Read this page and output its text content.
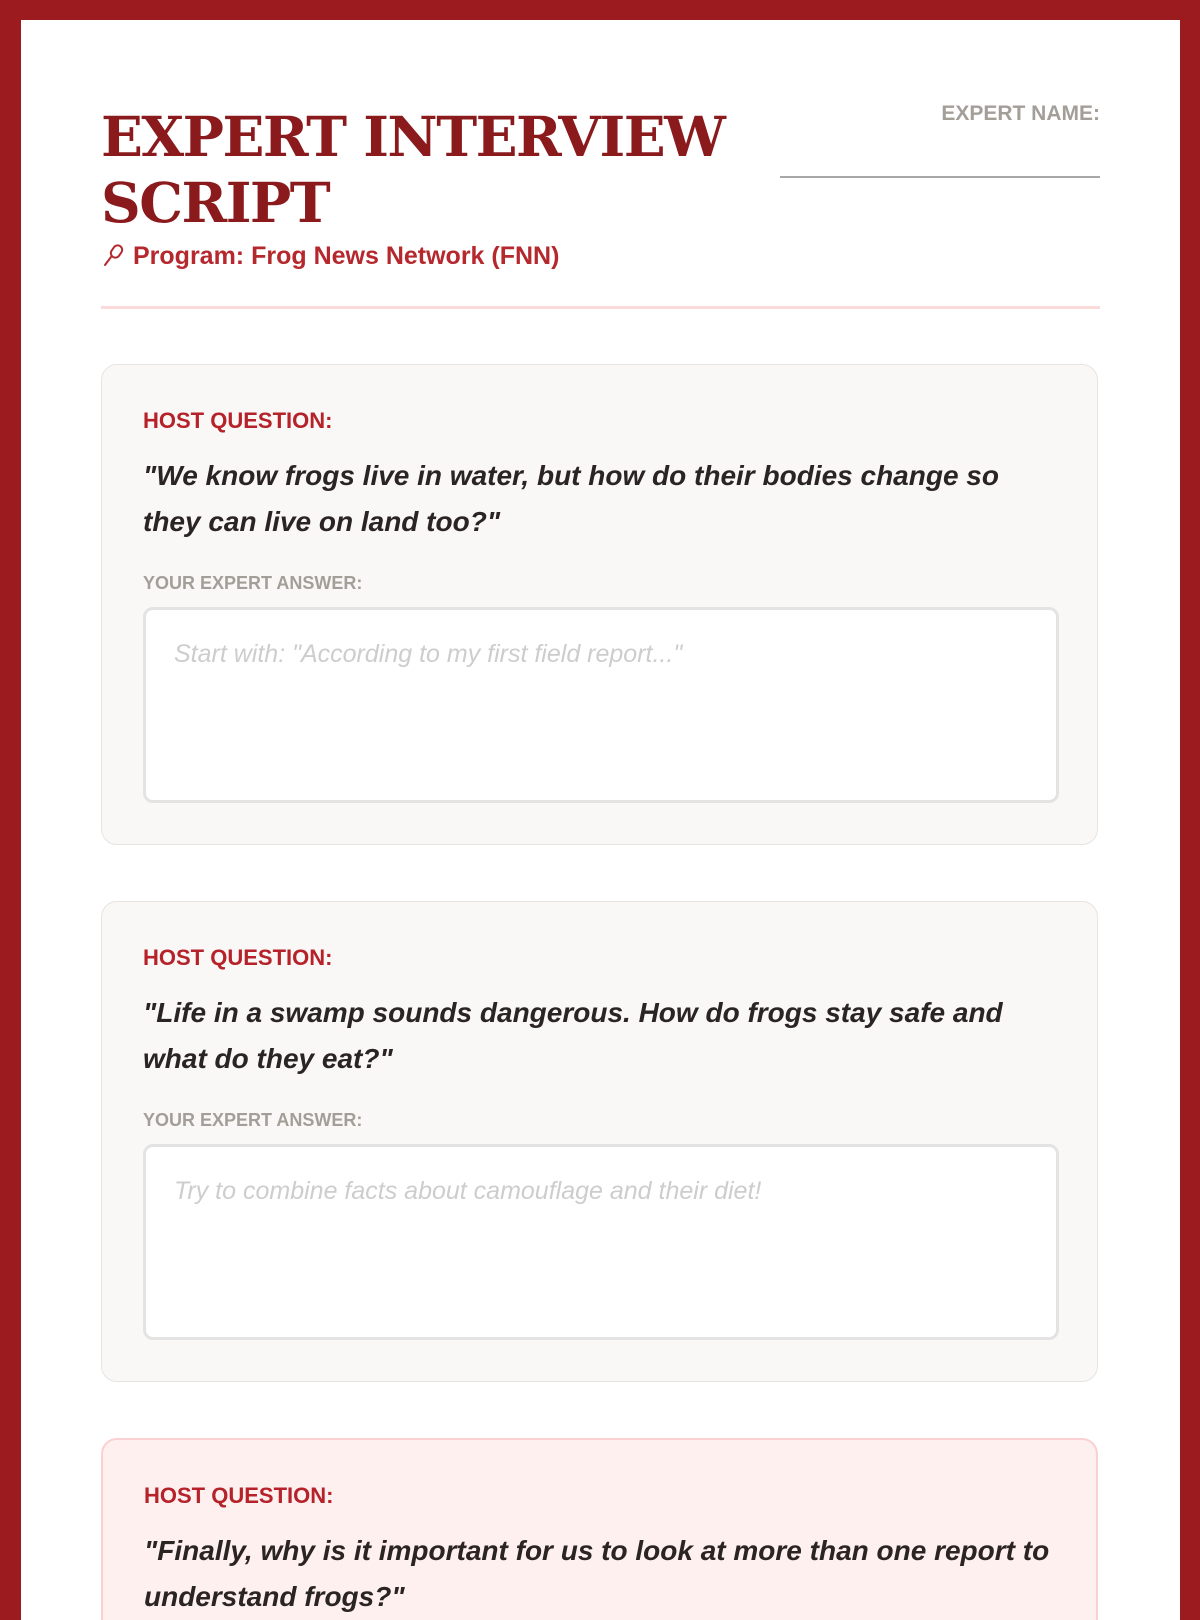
EXPERT INTERVIEW SCRIPT
Program: Frog News Network (FNN)
EXPERT NAME:
HOST QUESTION:

"We know frogs live in water, but how do their bodies change so they can live on land too?"

YOUR EXPERT ANSWER:
Start with: "According to my first field report..."
HOST QUESTION:

"Life in a swamp sounds dangerous. How do frogs stay safe and what do they eat?"

YOUR EXPERT ANSWER:
Try to combine facts about camouflage and their diet!
HOST QUESTION:

"Finally, why is it important for us to look at more than one report to understand frogs?"
